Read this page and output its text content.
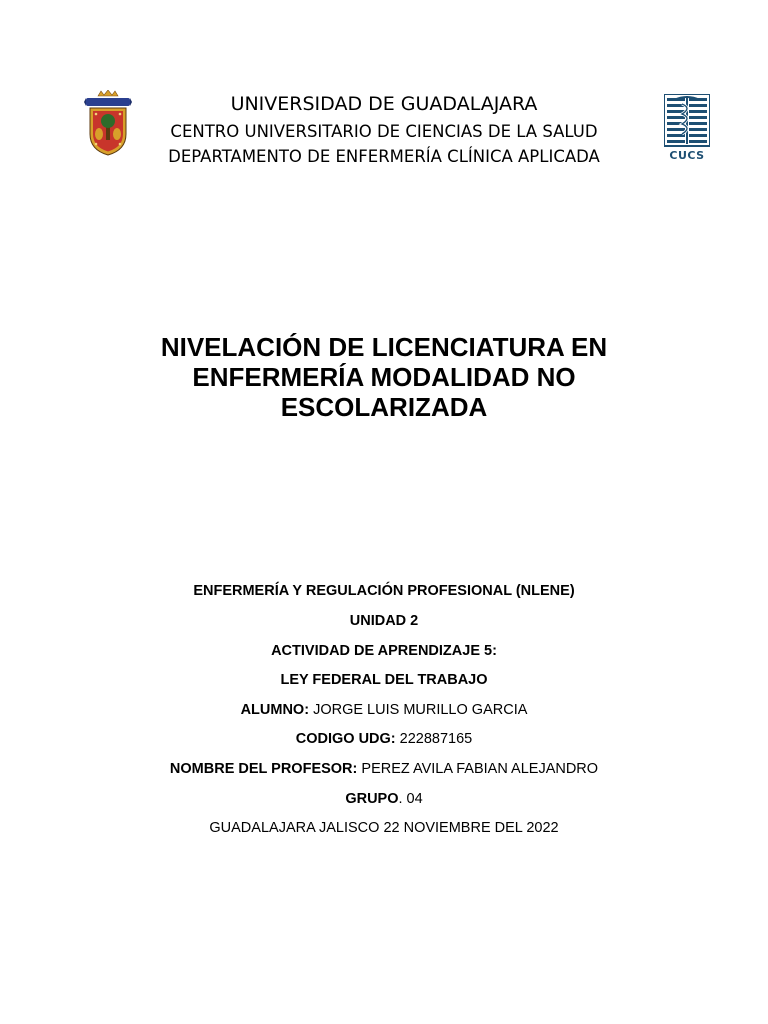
CUCS
UNIVERSIDAD DE GUADALAJARA
CENTRO UNIVERSITARIO DE CIENCIAS DE LA SALUD
DEPARTAMENTO DE ENFERMERÍA CLÍNICA APLICADA
NIVELACIÓN DE LICENCIATURA EN
ENFERMERÍA MODALIDAD NO
ESCOLARIZADA
ENFERMERÍA Y REGULACIÓN PROFESIONAL (NLENE)
UNIDAD 2
ACTIVIDAD DE APRENDIZAJE 5:
LEY FEDERAL DEL TRABAJO
ALUMNO: JORGE LUIS MURILLO GARCIA
CODIGO UDG: 222887165
NOMBRE DEL PROFESOR: PEREZ AVILA FABIAN ALEJANDRO
GRUPO. 04
GUADALAJARA JALISCO 22 NOVIEMBRE DEL 2022
